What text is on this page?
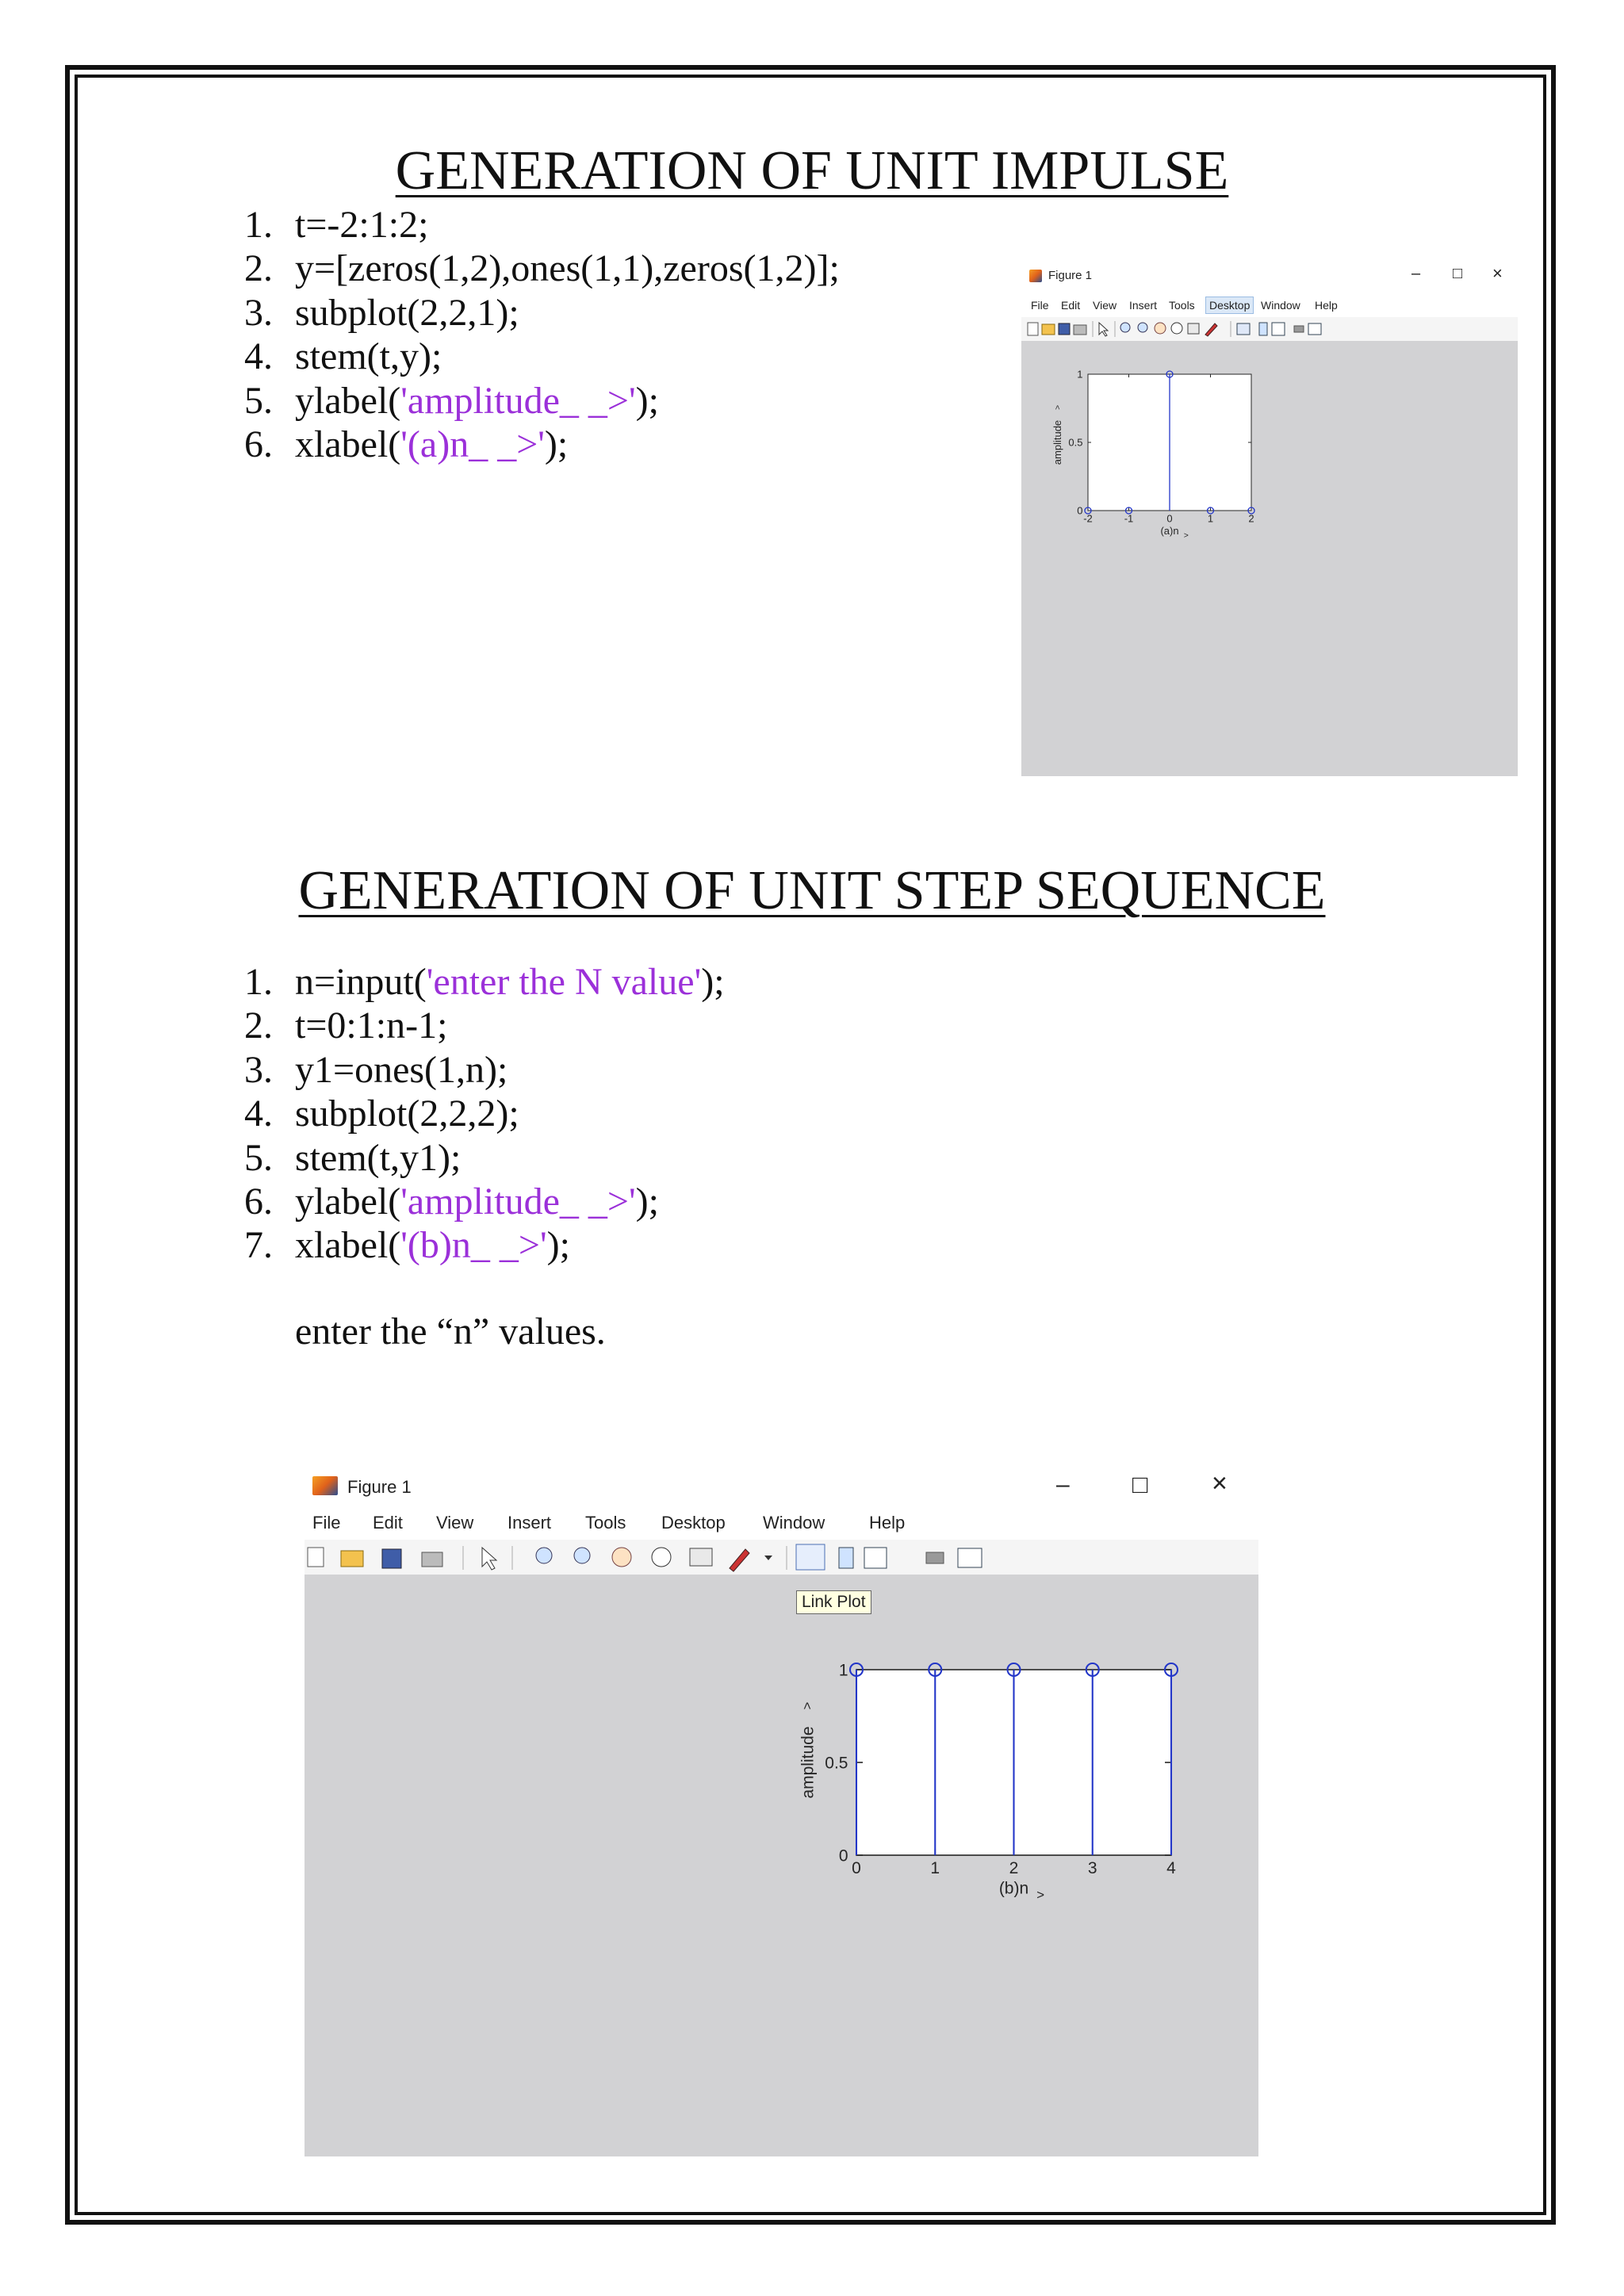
GENERATION OF UNIT IMPULSE
1. t=-2:1:2;
2. y=[zeros(1,2),ones(1,1),zeros(1,2)];
3. subplot(2,2,1);
4. stem(t,y);
5. ylabel('amplitude_ _>');
6. xlabel('(a)n_ _>');
Figure 1	– □ ×
File Edit View Insert Tools	Desktop Window Help
0
0.5
1
-2	-1	0	1	2
(a)n >
amplitude
>
GENERATION OF UNIT STEP SEQUENCE
1. n=input('enter the N value');
2. t=0:1:n-1;
3. y1=ones(1,n);
4. subplot(2,2,2);
5. stem(t,y1);
6. ylabel('amplitude_ _>');
7. xlabel('(b)n_ _>');
enter the “n” values.
Figure 1	– □ ×
File Edit View Insert Tools Desktop Window	Help
0
0.5
1
0	1	2	3	4
(b)n >
amplitude
>
Link Plot
